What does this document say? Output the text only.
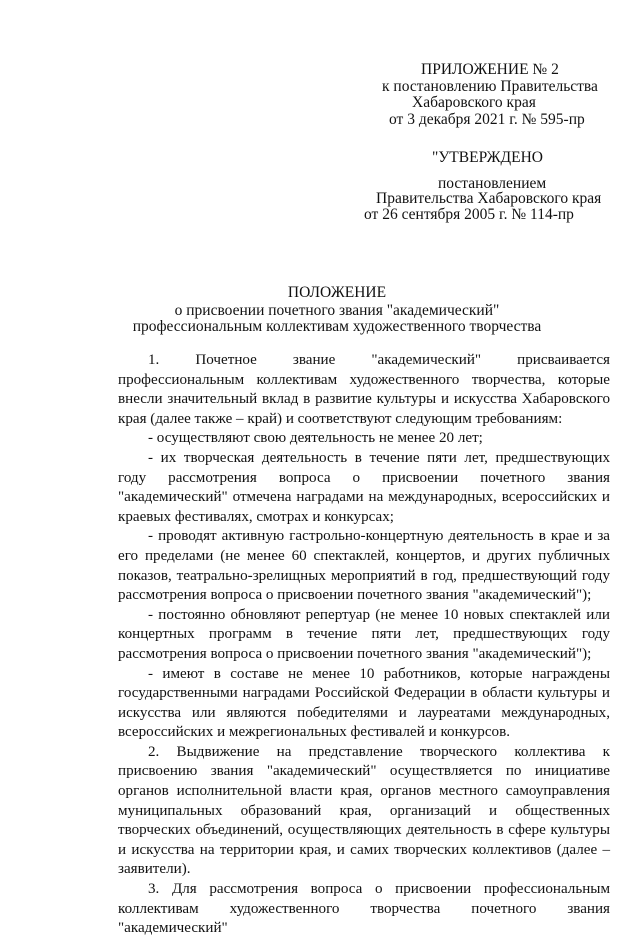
ПРИЛОЖЕНИЕ № 2
к постановлению Правительства
Хабаровского края
от 3 декабря 2021 г. № 595-пр
"УТВЕРЖДЕНО
постановлением
Правительства Хабаровского края
от 26 сентября 2005 г. № 114-пр
ПОЛОЖЕНИЕ
о присвоении почетного звания "академический"
профессиональным коллективам художественного творчества

1. Почетное звание "академический" присваивается профессиональным коллективам художественного творчества, которые внесли значительный вклад в развитие культуры и искусства Хабаровского края (далее также – край) и соответствуют следующим требованиям:

- осуществляют свою деятельность не менее 20 лет;

- их творческая деятельность в течение пяти лет, предшествующих году рассмотрения вопроса о присвоении почетного звания "академический" отмечена наградами на международных, всероссийских и краевых фестивалях, смотрах и конкурсах;

- проводят активную гастрольно-концертную деятельность в крае и за его пределами (не менее 60 спектаклей, концертов, и других публичных показов, театрально-зрелищных мероприятий в год, предшествующий году рассмотрения вопроса о присвоении почетного звания "академический");

- постоянно обновляют репертуар (не менее 10 новых спектаклей или концертных программ в течение пяти лет, предшествующих году рассмотрения вопроса о присвоении почетного звания "академический");

- имеют в составе не менее 10 работников, которые награждены государственными наградами Российской Федерации в области культуры и искусства или являются победителями и лауреатами международных, всероссийских и межрегиональных фестивалей и конкурсов.

2. Выдвижение на представление творческого коллектива к присвоению звания "академический" осуществляется по инициативе органов исполнительной власти края, органов местного самоуправления муниципальных образований края, организаций и общественных творческих объединений, осуществляющих деятельность в сфере культуры и искусства на территории края, и самих творческих коллективов (далее – заявители).

3. Для рассмотрения вопроса о присвоении профессиональным коллективам художественного творчества почетного звания "академический"
